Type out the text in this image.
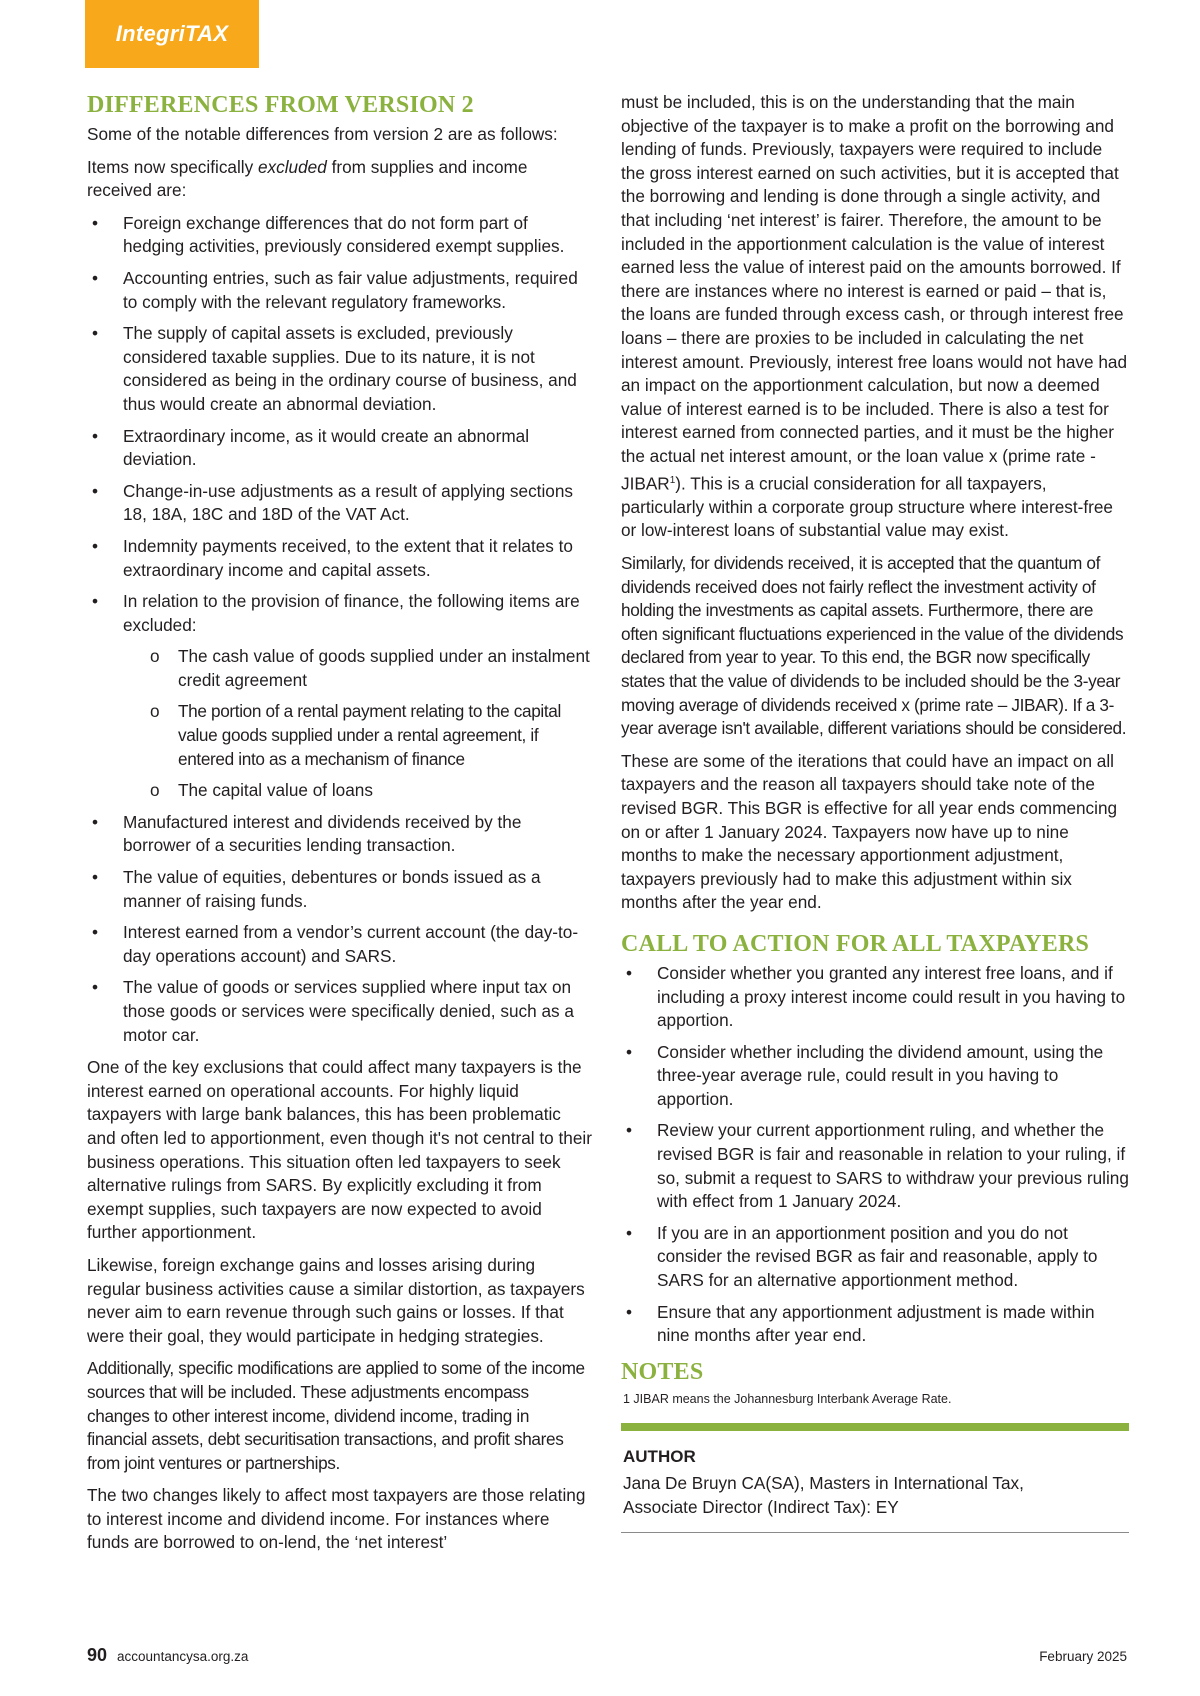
IntegriTAX
DIFFERENCES FROM VERSION 2

Some of the notable differences from version 2 are as follows:

Items now specifically excluded from supplies and income received are:

• Foreign exchange differences that do not form part of hedging activities, previously considered exempt supplies.
• Accounting entries, such as fair value adjustments, required to comply with the relevant regulatory frameworks.
• The supply of capital assets is excluded, previously considered taxable supplies. Due to its nature, it is not considered as being in the ordinary course of business, and thus would create an abnormal deviation.
• Extraordinary income, as it would create an abnormal deviation.
• Change-in-use adjustments as a result of applying sections 18, 18A, 18C and 18D of the VAT Act.
• Indemnity payments received, to the extent that it relates to extraordinary income and capital assets.
• In relation to the provision of finance, the following items are excluded:
o The cash value of goods supplied under an instalment credit agreement
o The portion of a rental payment relating to the capital value goods supplied under a rental agreement, if entered into as a mechanism of finance
o The capital value of loans
• Manufactured interest and dividends received by the borrower of a securities lending transaction.
• The value of equities, debentures or bonds issued as a manner of raising funds.
• Interest earned from a vendor’s current account (the day-to-day operations account) and SARS.
• The value of goods or services supplied where input tax on those goods or services were specifically denied, such as a motor car.

One of the key exclusions that could affect many taxpayers is the interest earned on operational accounts. For highly liquid taxpayers with large bank balances, this has been problematic and often led to apportionment, even though it's not central to their business operations. This situation often led taxpayers to seek alternative rulings from SARS. By explicitly excluding it from exempt supplies, such taxpayers are now expected to avoid further apportionment.

Likewise, foreign exchange gains and losses arising during regular business activities cause a similar distortion, as taxpayers never aim to earn revenue through such gains or losses. If that were their goal, they would participate in hedging strategies.

Additionally, specific modifications are applied to some of the income sources that will be included. These adjustments encompass changes to other interest income, dividend income, trading in financial assets, debt securitisation transactions, and profit shares from joint ventures or partnerships.

The two changes likely to affect most taxpayers are those relating to interest income and dividend income. For instances where funds are borrowed to on-lend, the ‘net interest’

must be included, this is on the understanding that the main objective of the taxpayer is to make a profit on the borrowing and lending of funds. Previously, taxpayers were required to include the gross interest earned on such activities, but it is accepted that the borrowing and lending is done through a single activity, and that including ‘net interest’ is fairer. Therefore, the amount to be included in the apportionment calculation is the value of interest earned less the value of interest paid on the amounts borrowed. If there are instances where no interest is earned or paid – that is, the loans are funded through excess cash, or through interest free loans – there are proxies to be included in calculating the net interest amount. Previously, interest free loans would not have had an impact on the apportionment calculation, but now a deemed value of interest earned is to be included. There is also a test for interest earned from connected parties, and it must be the higher the actual net interest amount, or the loan value x (prime rate - JIBAR$^1$). This is a crucial consideration for all taxpayers, particularly within a corporate group structure where interest-free or low-interest loans of substantial value may exist.

Similarly, for dividends received, it is accepted that the quantum of dividends received does not fairly reflect the investment activity of holding the investments as capital assets. Furthermore, there are often significant fluctuations experienced in the value of the dividends declared from year to year. To this end, the BGR now specifically states that the value of dividends to be included should be the 3-year moving average of dividends received x (prime rate – JIBAR). If a 3-year average isn't available, different variations should be considered.

These are some of the iterations that could have an impact on all taxpayers and the reason all taxpayers should take note of the revised BGR. This BGR is effective for all year ends commencing on or after 1 January 2024. Taxpayers now have up to nine months to make the necessary apportionment adjustment, taxpayers previously had to make this adjustment within six months after the year end.

CALL TO ACTION FOR ALL TAXPAYERS
• Consider whether you granted any interest free loans, and if including a proxy interest income could result in you having to apportion.
• Consider whether including the dividend amount, using the three-year average rule, could result in you having to apportion.
• Review your current apportionment ruling, and whether the revised BGR is fair and reasonable in relation to your ruling, if so, submit a request to SARS to withdraw your previous ruling with effect from 1 January 2024.
• If you are in an apportionment position and you do not consider the revised BGR as fair and reasonable, apply to SARS for an alternative apportionment method.
• Ensure that any apportionment adjustment is made within nine months after year end.
NOTES

1 JIBAR means the Johannesburg Interbank Average Rate.

AUTHOR
Jana De Bruyn CA(SA), Masters in International Tax,
Associate Director (Indirect Tax): EY
90 accountancysa.org.za	February 2025
